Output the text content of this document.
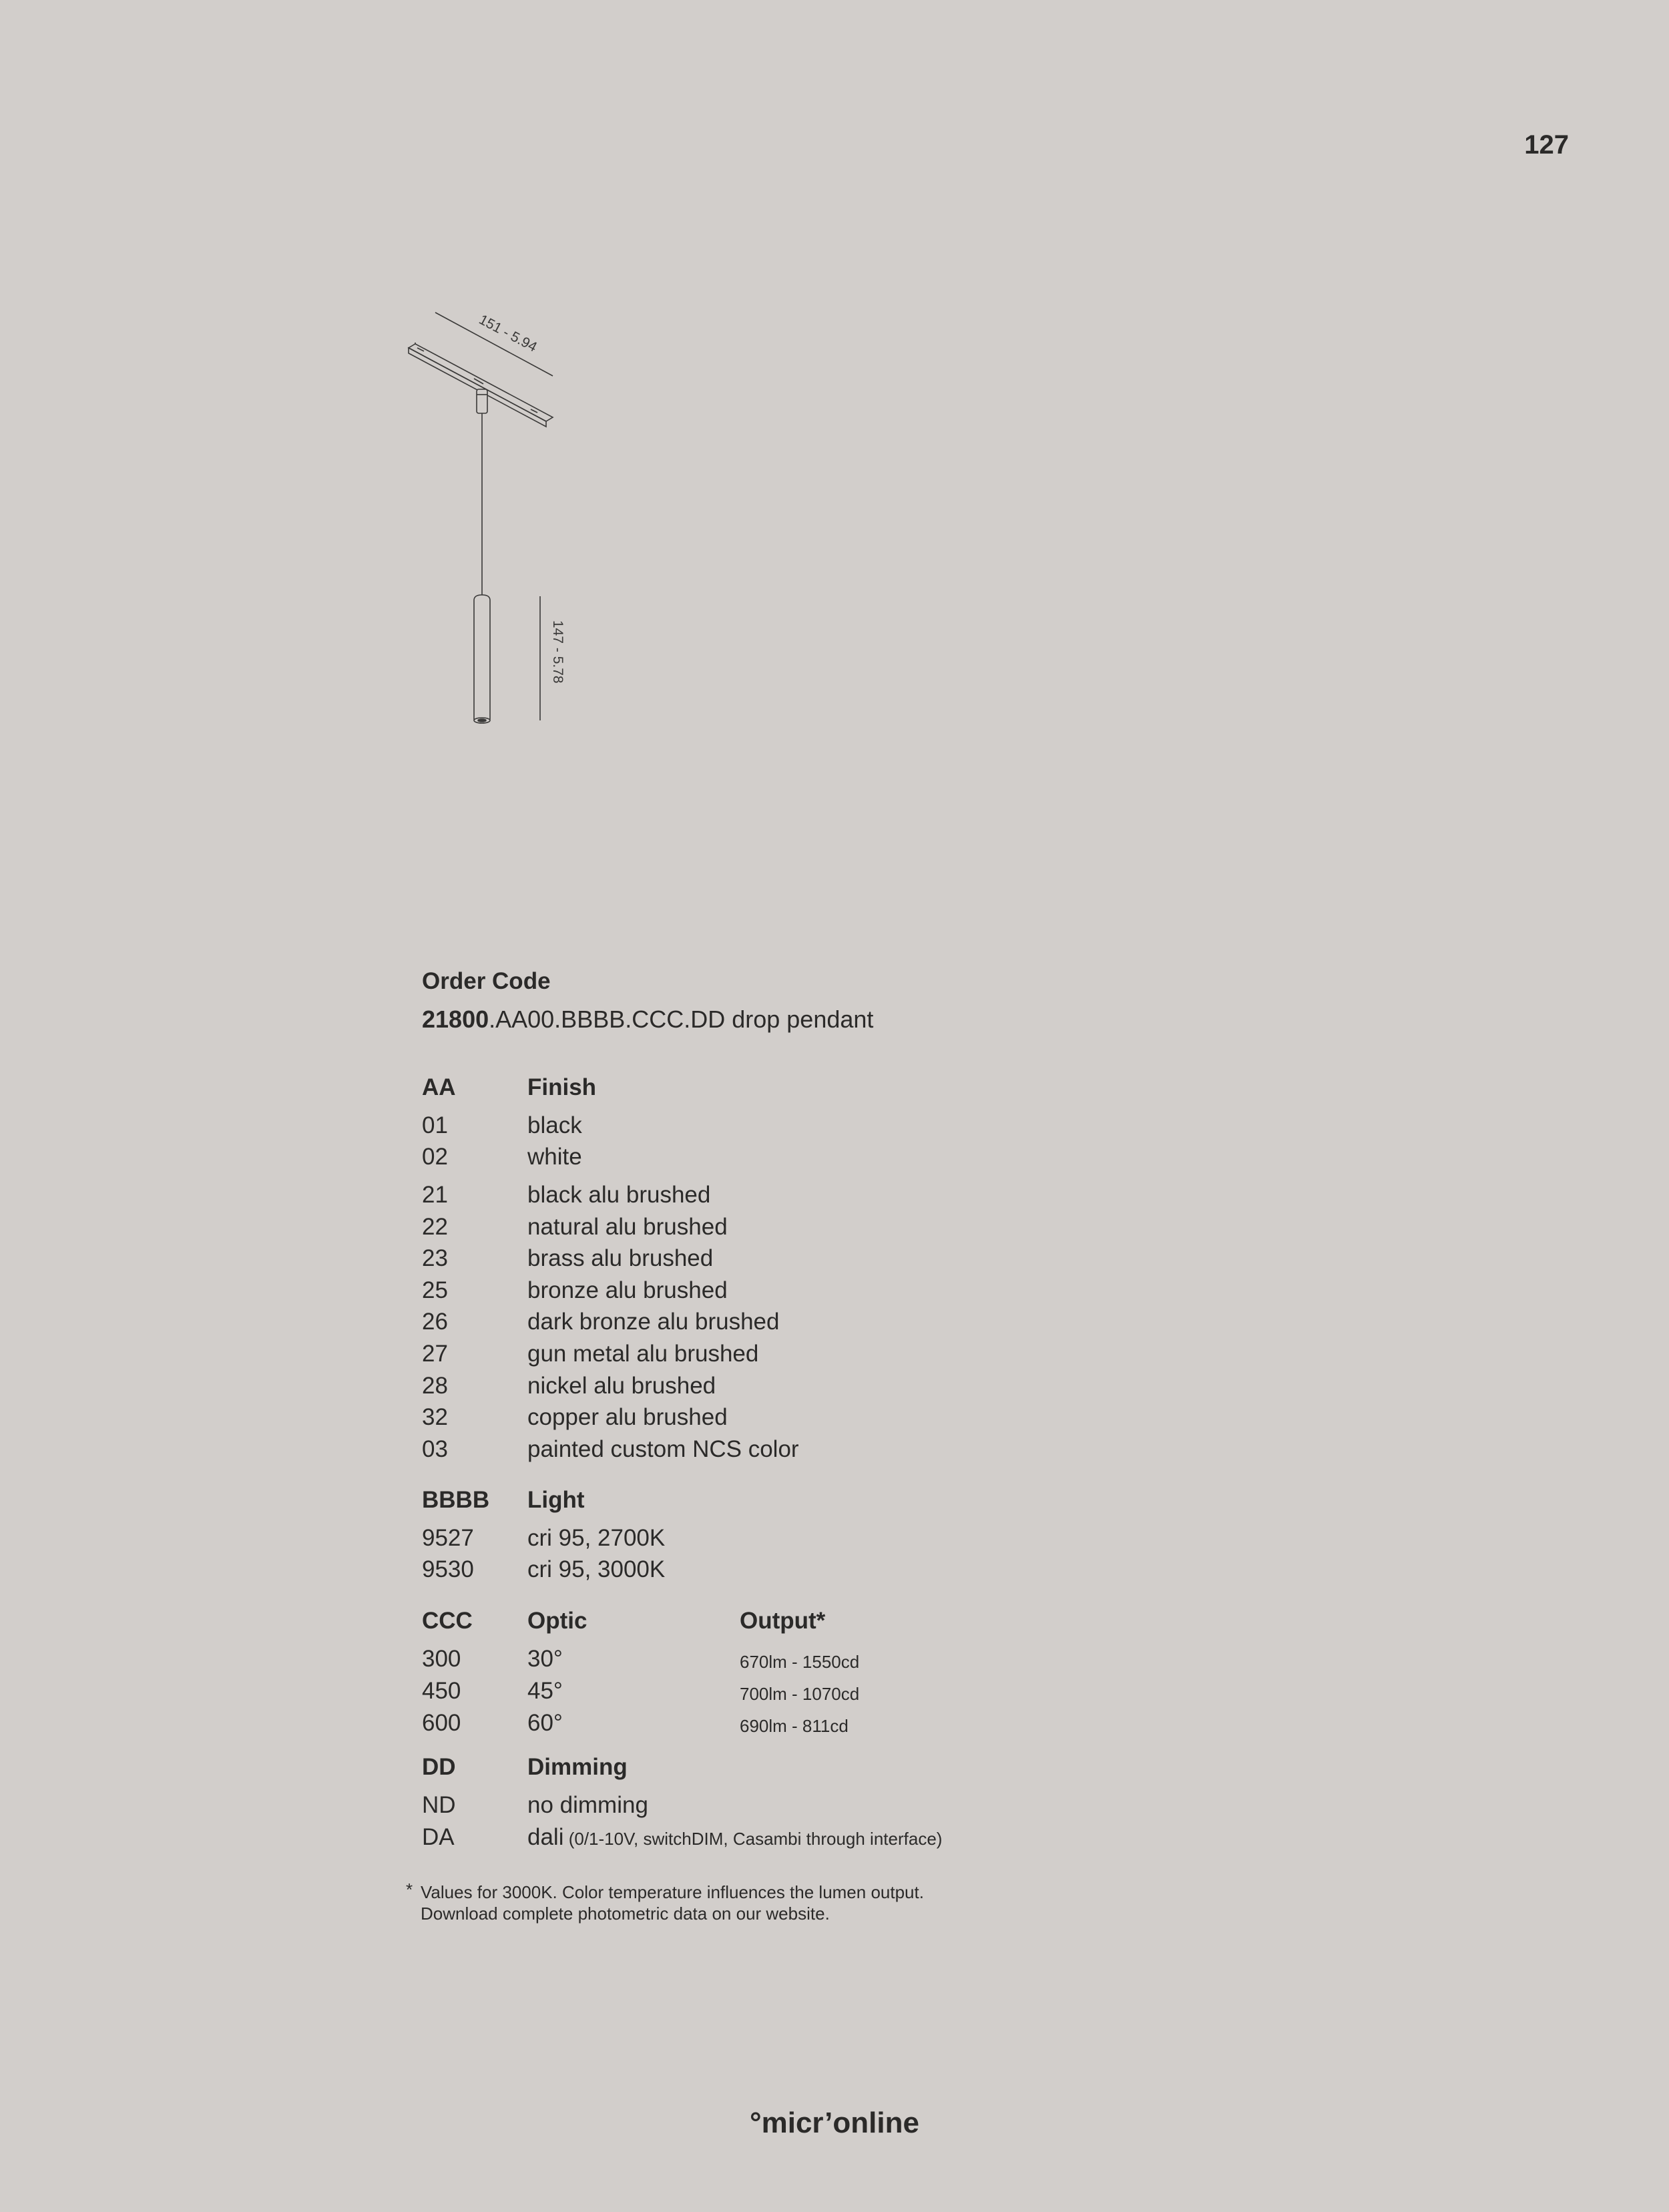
127
151 - 5.94
147 - 5.78
Order Code
21800.AA00.BBBB.CCC.DD drop pendant
AA	Finish
01	black
02	white
21	black alu brushed
22	natural alu brushed
23	brass alu brushed
25	bronze alu brushed
26	dark bronze alu brushed
27	gun metal alu brushed
28	nickel alu brushed
32	copper alu brushed
03	painted custom NCS color
BBBB Light
9527 cri 95, 2700K
9530 cri 95, 3000K
CCC Optic	Output*
300	30°	670lm - 1550cd
450	45°	700lm - 1070cd
600	60°	690lm - 811cd
DD	Dimming
ND	no dimming
DA	dali (0/1-10V, switchDIM, Casambi through interface)
* Values for 3000K. Color temperature influences the lumen output.
Download complete photometric data on our website.
°micr’online
